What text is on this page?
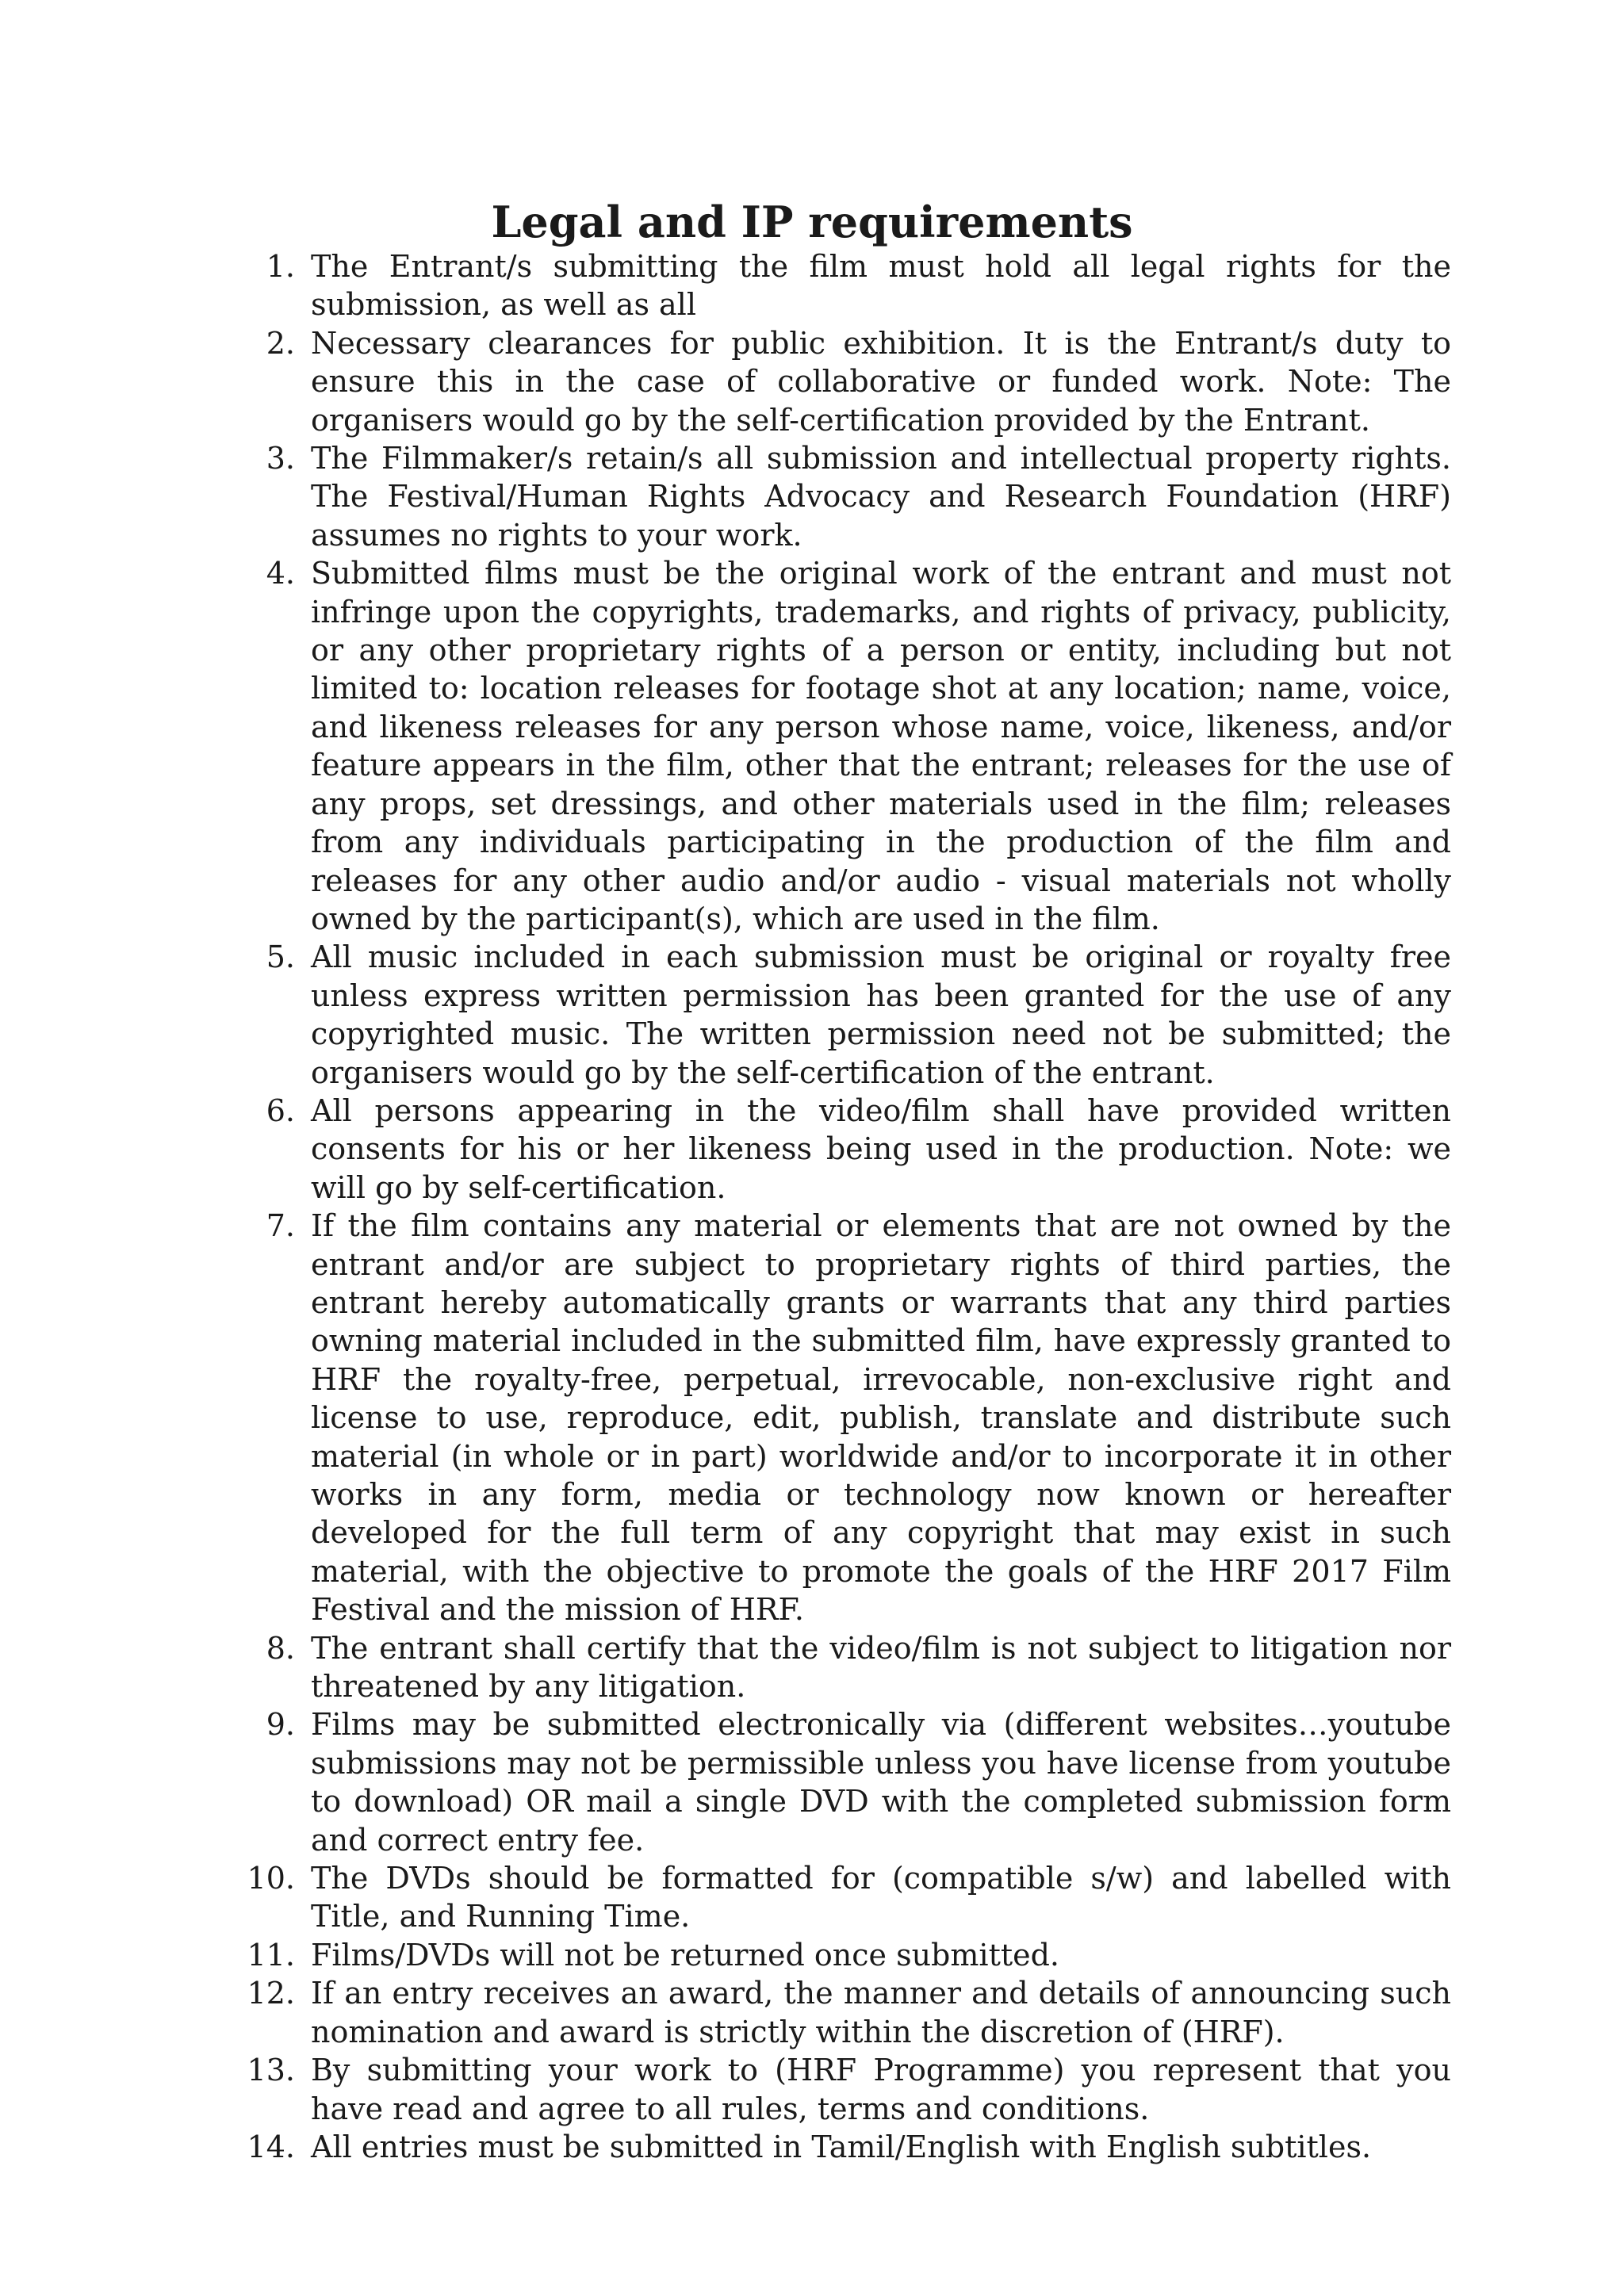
Legal and IP requirements
1. The Entrant/s submitting the film must hold all legal rights for the submission, as well as all
2. Necessary clearances for public exhibition. It is the Entrant/s duty to ensure this in the case of collaborative or funded work. Note: The organisers would go by the self-certification provided by the Entrant.
3. The Filmmaker/s retain/s all submission and intellectual property rights. The Festival/Human Rights Advocacy and Research Foundation (HRF) assumes no rights to your work.
4. Submitted films must be the original work of the entrant and must not infringe upon the copyrights, trademarks, and rights of privacy, publicity, or any other proprietary rights of a person or entity, including but not limited to: location releases for footage shot at any location; name, voice, and likeness releases for any person whose name, voice, likeness, and/or feature appears in the film, other that the entrant; releases for the use of any props, set dressings, and other materials used in the film; releases from any individuals participating in the production of the film and releases for any other audio and/or audio - visual materials not wholly owned by the participant(s), which are used in the film.
5. All music included in each submission must be original or royalty free unless express written permission has been granted for the use of any copyrighted music. The written permission need not be submitted; the organisers would go by the self-certification of the entrant.
6. All persons appearing in the video/film shall have provided written consents for his or her likeness being used in the production. Note: we will go by self-certification.
7. If the film contains any material or elements that are not owned by the entrant and/or are subject to proprietary rights of third parties, the entrant hereby automatically grants or warrants that any third parties owning material included in the submitted film, have expressly granted to HRF the royalty-free, perpetual, irrevocable, non-exclusive right and license to use, reproduce, edit, publish, translate and distribute such material (in whole or in part) worldwide and/or to incorporate it in other works in any form, media or technology now known or hereafter developed for the full term of any copyright that may exist in such material, with the objective to promote the goals of the HRF 2017 Film Festival and the mission of HRF.
8. The entrant shall certify that the video/film is not subject to litigation nor threatened by any litigation.
9. Films may be submitted electronically via (different websites…youtube submissions may not be permissible unless you have license from youtube to download) OR mail a single DVD with the completed submission form and correct entry fee.
10. The DVDs should be formatted for (compatible s/w) and labelled with Title, and Running Time.
11. Films/DVDs will not be returned once submitted.
12. If an entry receives an award, the manner and details of announcing such nomination and award is strictly within the discretion of (HRF).
13. By submitting your work to (HRF Programme) you represent that you have read and agree to all rules, terms and conditions.
14. All entries must be submitted in Tamil/English with English subtitles.
